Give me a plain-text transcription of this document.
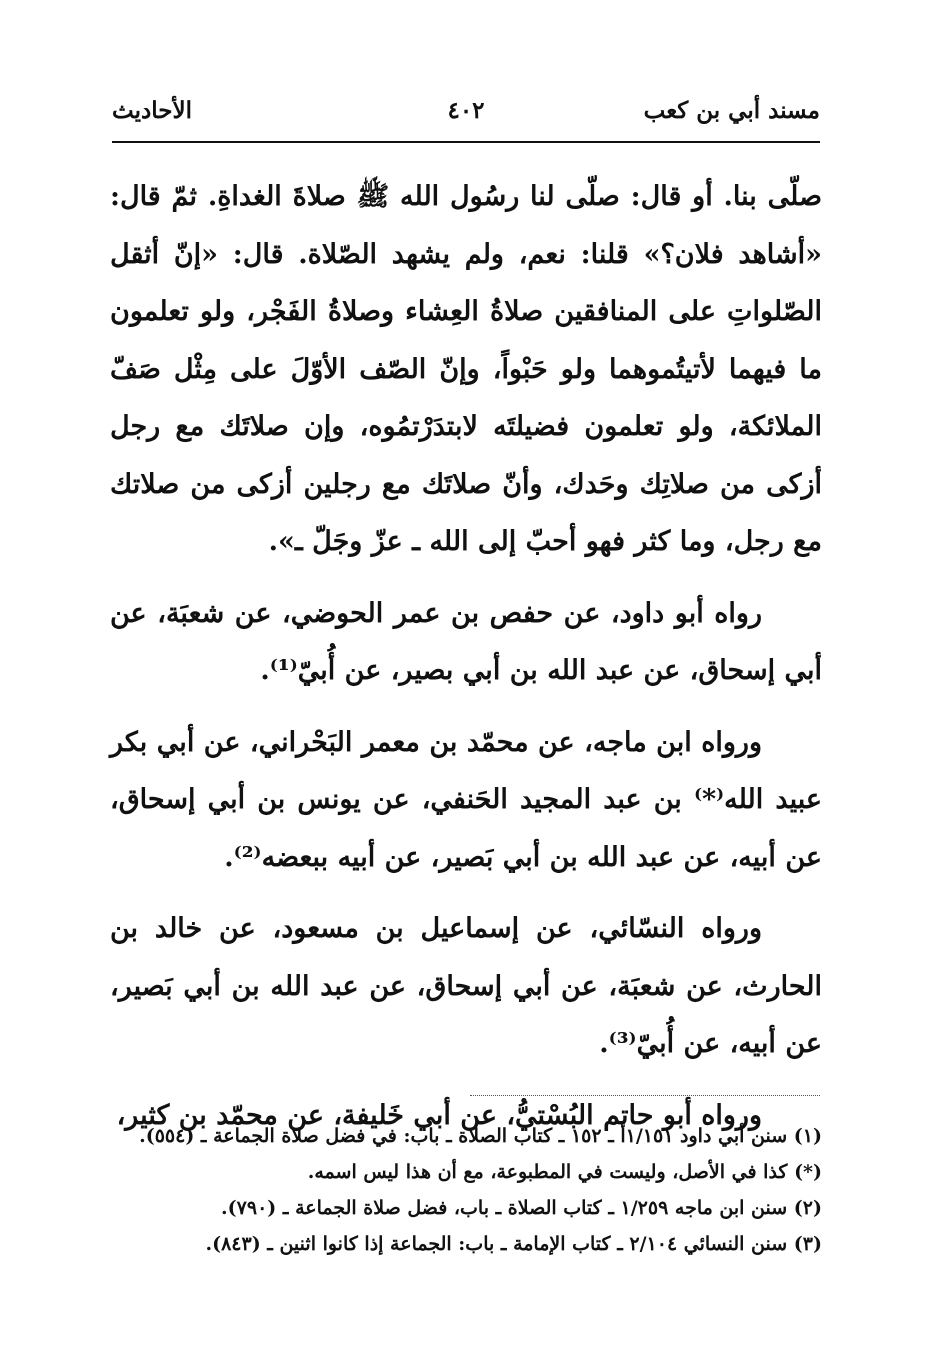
مسند أبي بن كعب
٤٠٢
الأحاديث

صلّى بنا. أو قال: صلّى لنا رسُول الله ﷺ صلاةَ الغداةِ. ثمّ قال: «أشاهد فلان؟» قلنا: نعم، ولم يشهد الصّلاة. قال: «إنّ أثقل الصّلواتِ على المنافقين صلاةُ العِشاء وصلاةُ الفَجْر، ولو تعلمون ما فيهما لأتيتُموهما ولو حَبْواً، وإنّ الصّف الأوّلَ على مِثْل صَفّ الملائكة، ولو تعلمون فضيلتَه لابتدَرْتمُوه، وإن صلاتَك مع رجل أزكى من صلاتِك وحَدك، وأنّ صلاتَك مع رجلين أزكى من صلاتك مع رجل، وما كثر فهو أحبّ إلى الله ـ عزّ وجَلّ ـ».

رواه أبو داود، عن حفص بن عمر الحوضي، عن شعبَة، عن أبي إسحاق، عن عبد الله بن أبي بصير، عن أُبيّ⁽¹⁾.

ورواه ابن ماجه، عن محمّد بن معمر البَحْراني، عن أبي بكر عبيد الله⁽*⁾ بن عبد المجيد الحَنفي، عن يونس بن أبي إسحاق، عن أبيه، عن عبد الله بن أبي بَصير، عن أبيه ببعضه⁽²⁾.

ورواه النسّائي، عن إسماعيل بن مسعود، عن خالد بن الحارث، عن شعبَة، عن أبي إسحاق، عن عبد الله بن أبي بَصير، عن أبيه، عن أُبيّ⁽³⁾.

ورواه أبو حاتم البُسْتيُّ، عن أبي خَليفة، عن محمّد بن كثير،

(١) سنن أبي داود ١/١٥١أ ـ ١٥٢ ـ كتاب الصلاة ـ باب: في فضل صلاة الجماعة ـ (٥٥٤).

(*) كذا في الأصل، وليست في المطبوعة، مع أن هذا ليس اسمه.

(٢) سنن ابن ماجه ١/٢٥٩ ـ كتاب الصلاة ـ باب، فضل صلاة الجماعة ـ (٧٩٠).

(٣) سنن النسائي ٢/١٠٤ ـ كتاب الإمامة ـ باب: الجماعة إذا كانوا اثنين ـ (٨٤٣).
